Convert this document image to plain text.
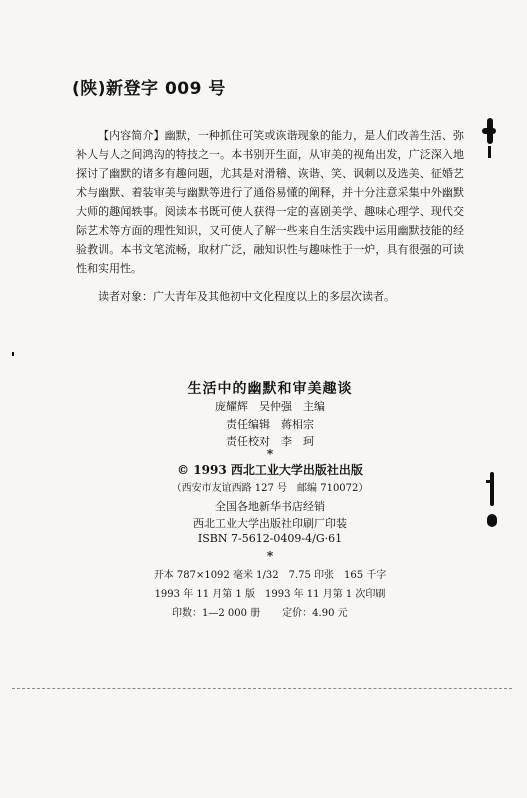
(陕)新登字 009 号
【内容简介】幽默，一种抓住可笑或诙谐现象的能力，是人们改善生活、弥补人与人之间鸿沟的特技之一。本书别开生面，从审美的视角出发，广泛深入地探讨了幽默的诸多有趣问题，尤其是对滑稽、诙谐、笑、讽刺以及选美、征婚艺术与幽默、着装审美与幽默等进行了通俗易懂的阐释，并十分注意采集中外幽默大师的趣闻轶事。阅读本书既可使人获得一定的喜剧美学、趣味心理学、现代交际艺术等方面的理性知识，又可使人了解一些来自生活实践中运用幽默技能的经验教训。本书文笔流畅，取材广泛，融知识性与趣味性于一炉，具有很强的可读性和实用性。
读者对象：广大青年及其他初中文化程度以上的多层次读者。
生活中的幽默和审美趣谈
庞耀辉　吴仲强　主编
责任编辑　蒋相宗
责任校对　李　珂
*
© 1993 西北工业大学出版社出版
（西安市友谊西路 127 号　邮编 710072）
全国各地新华书店经销
西北工业大学出版社印刷厂印装
ISBN 7-5612-0409-4/G·61
*
开本 787×1092 毫米 1/32　7.75 印张　165 千字
1993 年 11 月第 1 版　1993 年 11 月第 1 次印刷
印数：1—2 000 册 定价：4.90 元
